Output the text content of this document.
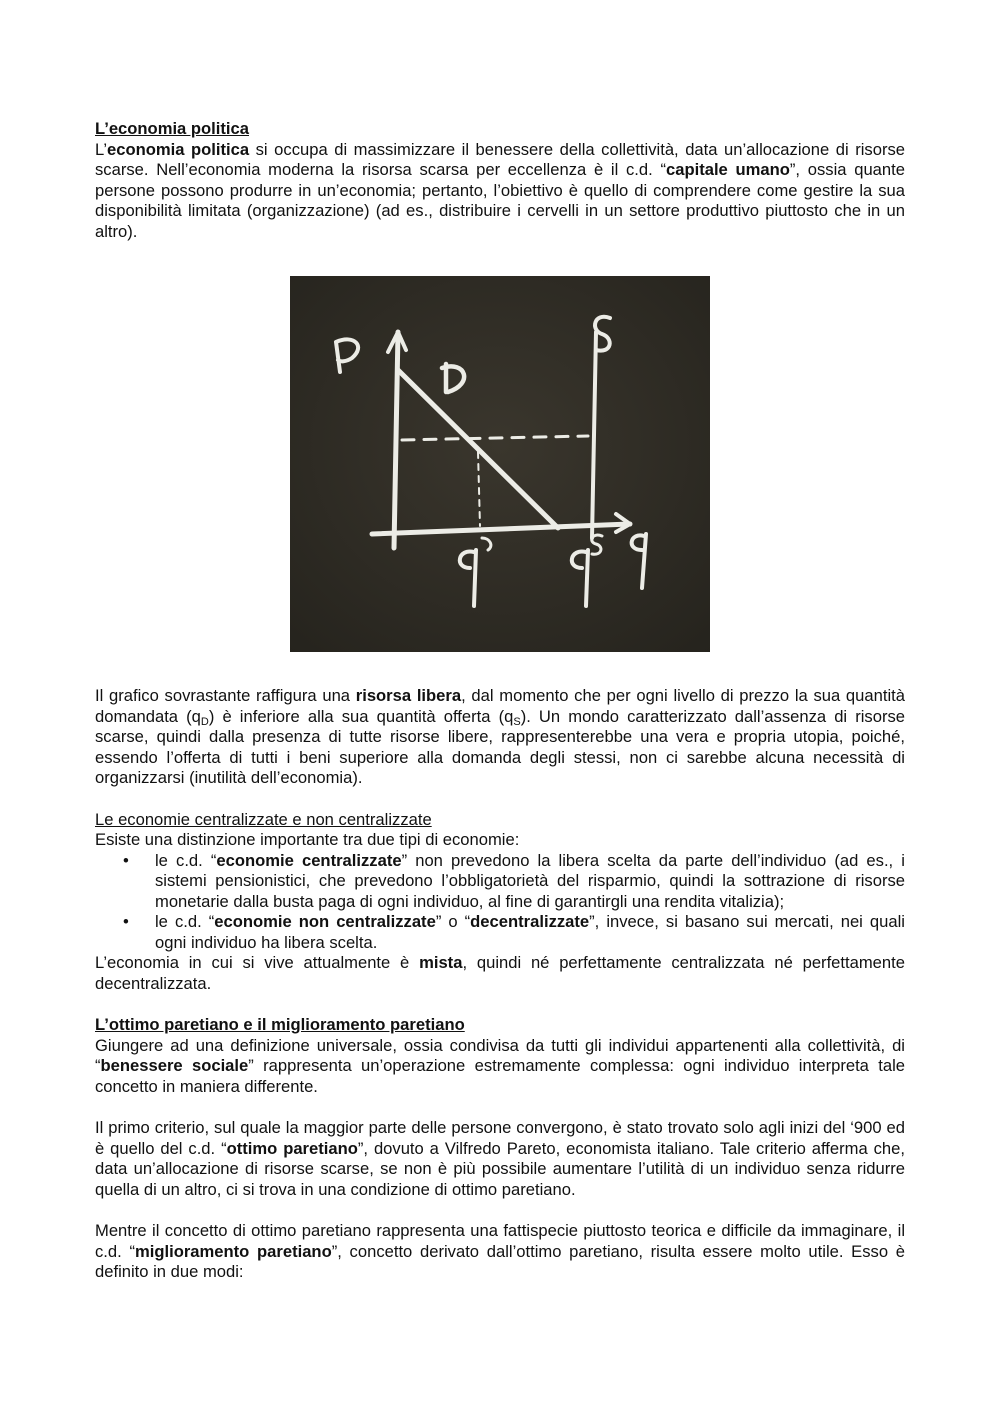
L’economia politica

L’economia politica si occupa di massimizzare il benessere della collettività, data un’allocazione di risorse scarse. Nell’economia moderna la risorsa scarsa per eccellenza è il c.d. “capitale umano”, ossia quante persone possono produrre in un’economia; pertanto, l’obiettivo è quello di comprendere come gestire la sua disponibilità limitata (organizzazione) (ad es., distribuire i cervelli in un settore produttivo piuttosto che in un altro).

Il grafico sovrastante raffigura una risorsa libera, dal momento che per ogni livello di prezzo la sua quantità domandata $(q_D)$ è inferiore alla sua quantità offerta $(q_S)$. Un mondo caratterizzato dall’assenza di risorse scarse, quindi dalla presenza di tutte risorse libere, rappresenterebbe una vera e propria utopia, poiché, essendo l’offerta di tutti i beni superiore alla domanda degli stessi, non ci sarebbe alcuna necessità di organizzarsi (inutilità dell’economia).

Le economie centralizzate e non centralizzate

Esiste una distinzione importante tra due tipi di economie:

• le c.d. “economie centralizzate” non prevedono la libera scelta da parte dell’individuo (ad es., i sistemi pensionistici, che prevedono l’obbligatorietà del risparmio, quindi la sottrazione di risorse monetarie dalla busta paga di ogni individuo, al fine di garantirgli una rendita vitalizia);
• le c.d. “economie non centralizzate” o “decentralizzate”, invece, si basano sui mercati, nei quali ogni individuo ha libera scelta.

L’economia in cui si vive attualmente è mista, quindi né perfettamente centralizzata né perfettamente decentralizzata.

L’ottimo paretiano e il miglioramento paretiano

Giungere ad una definizione universale, ossia condivisa da tutti gli individui appartenenti alla collettività, di “benessere sociale” rappresenta un’operazione estremamente complessa: ogni individuo interpreta tale concetto in maniera differente.

Il primo criterio, sul quale la maggior parte delle persone convergono, è stato trovato solo agli inizi del ‘900 ed è quello del c.d. “ottimo paretiano”, dovuto a Vilfredo Pareto, economista italiano. Tale criterio afferma che, data un’allocazione di risorse scarse, se non è più possibile aumentare l’utilità di un individuo senza ridurre quella di un altro, ci si trova in una condizione di ottimo paretiano.

Mentre il concetto di ottimo paretiano rappresenta una fattispecie piuttosto teorica e difficile da immaginare, il c.d. “miglioramento paretiano”, concetto derivato dall’ottimo paretiano, risulta essere molto utile. Esso è definito in due modi:
